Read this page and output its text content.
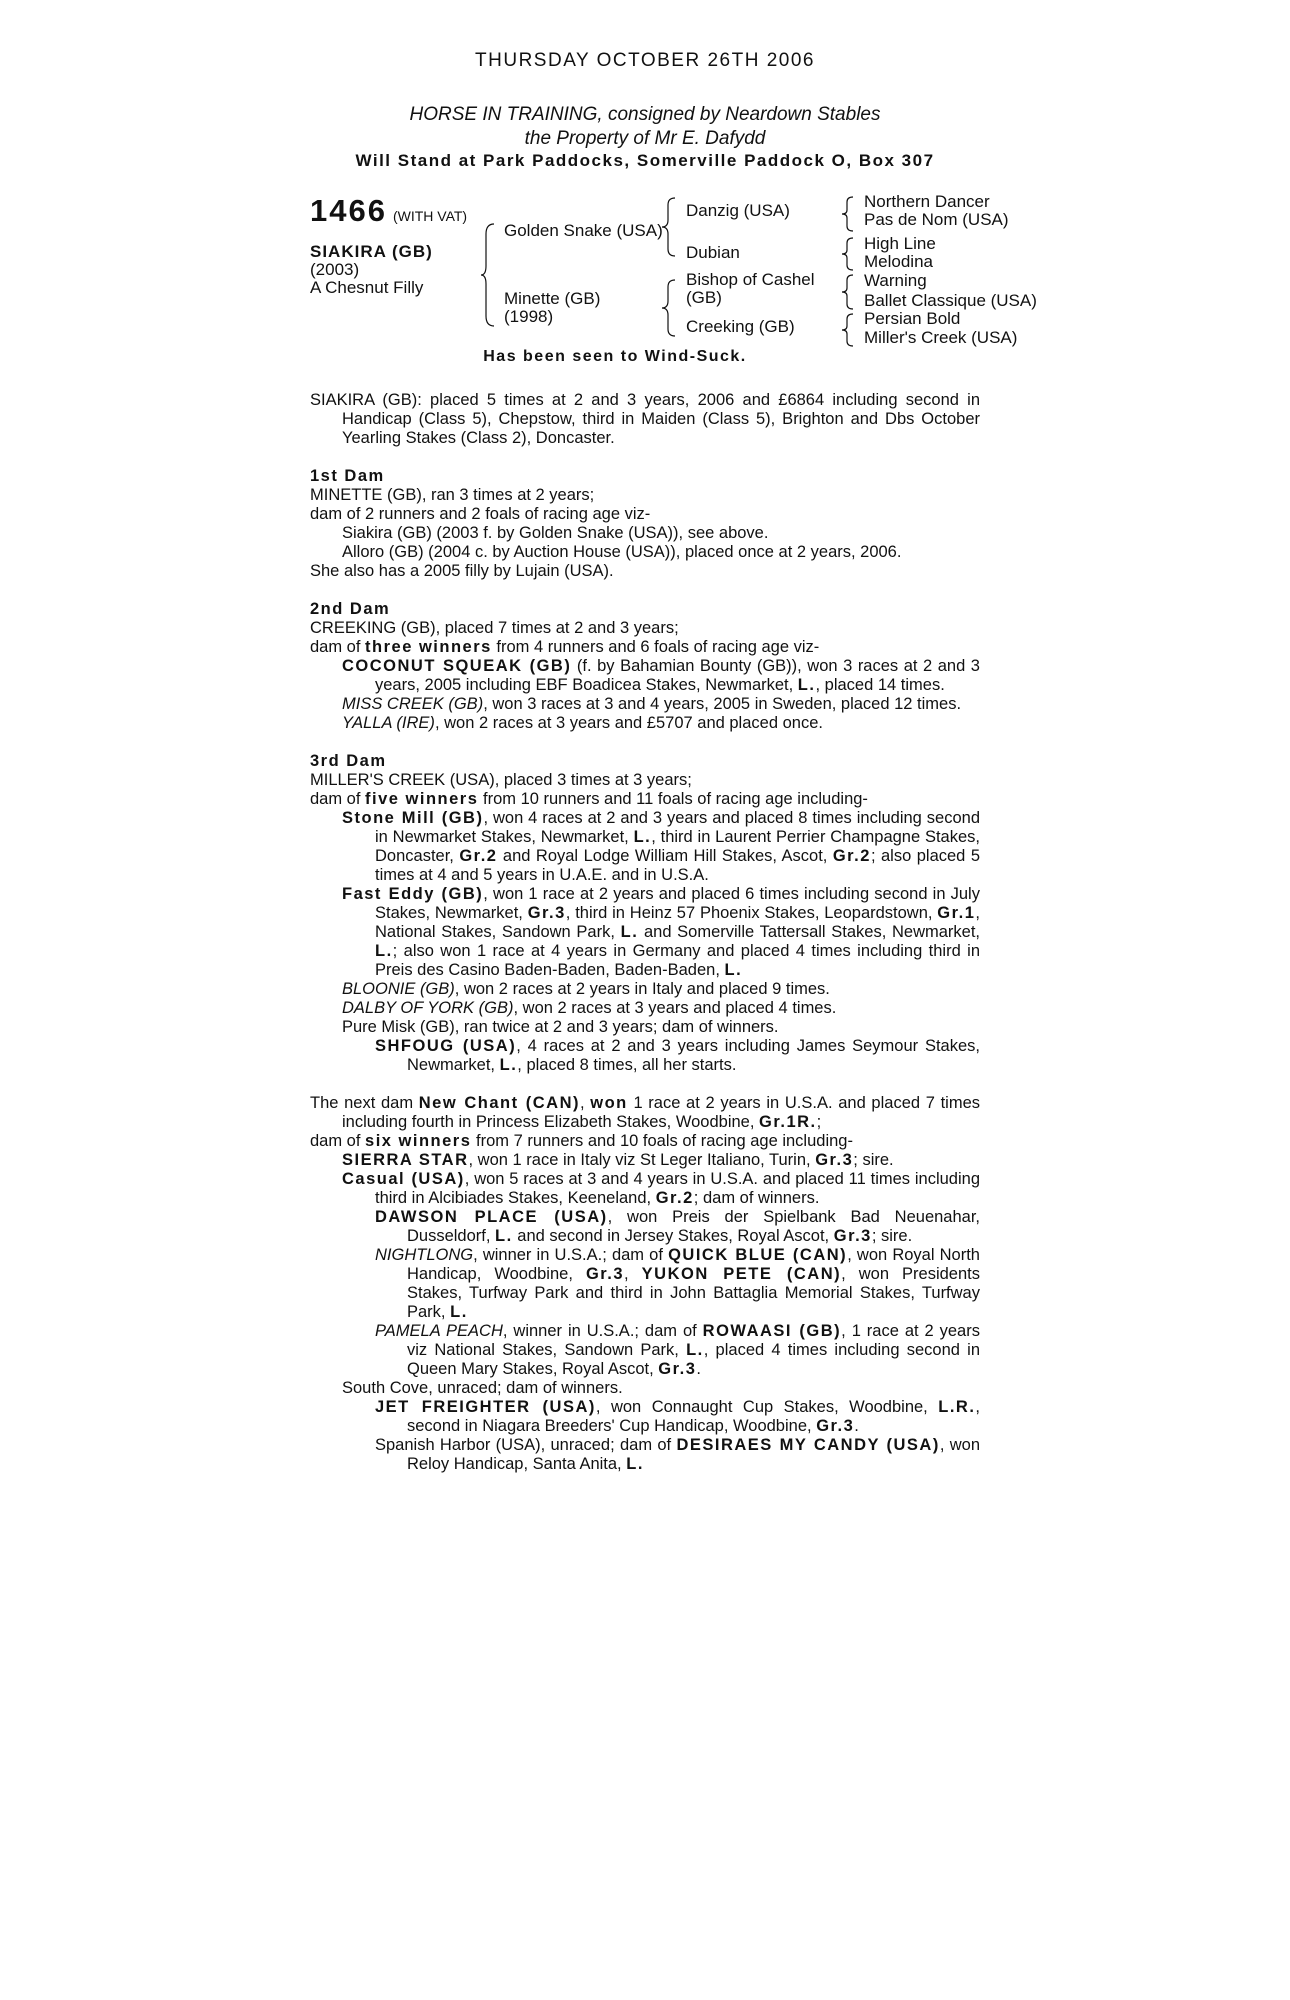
THURSDAY OCTOBER 26TH 2006
HORSE IN TRAINING, consigned by Neardown Stables
the Property of Mr E. Dafydd
Will Stand at Park Paddocks, Somerville Paddock O, Box 307
1466 (WITH VAT)
SIAKIRA (GB)
(2003)
A Chesnut Filly
Golden Snake (USA)
Minette (GB)
(1998)
Danzig (USA)
Dubian
Bishop of Cashel
(GB)
Creeking (GB)
Northern Dancer
Pas de Nom (USA)
High Line
Melodina
Warning
Ballet Classique (USA)
Persian Bold
Miller's Creek (USA)
Has been seen to Wind-Suck.

SIAKIRA (GB): placed 5 times at 2 and 3 years, 2006 and £6864 including second in Handicap (Class 5), Chepstow, third in Maiden (Class 5), Brighton and Dbs October Yearling Stakes (Class 2), Doncaster.

1st Dam

MINETTE (GB), ran 3 times at 2 years;

dam of 2 runners and 2 foals of racing age viz-

Siakira (GB) (2003 f. by Golden Snake (USA)), see above.

Alloro (GB) (2004 c. by Auction House (USA)), placed once at 2 years, 2006.

She also has a 2005 filly by Lujain (USA).

2nd Dam

CREEKING (GB), placed 7 times at 2 and 3 years;

dam of three winners from 4 runners and 6 foals of racing age viz-

COCONUT SQUEAK (GB) (f. by Bahamian Bounty (GB)), won 3 races at 2 and 3 years, 2005 including EBF Boadicea Stakes, Newmarket, L., placed 14 times.

MISS CREEK (GB), won 3 races at 3 and 4 years, 2005 in Sweden, placed 12 times.

YALLA (IRE), won 2 races at 3 years and £5707 and placed once.

3rd Dam

MILLER'S CREEK (USA), placed 3 times at 3 years;

dam of five winners from 10 runners and 11 foals of racing age including-

Stone Mill (GB), won 4 races at 2 and 3 years and placed 8 times including second in Newmarket Stakes, Newmarket, L., third in Laurent Perrier Champagne Stakes, Doncaster, Gr.2 and Royal Lodge William Hill Stakes, Ascot, Gr.2; also placed 5 times at 4 and 5 years in U.A.E. and in U.S.A.

Fast Eddy (GB), won 1 race at 2 years and placed 6 times including second in July Stakes, Newmarket, Gr.3, third in Heinz 57 Phoenix Stakes, Leopardstown, Gr.1, National Stakes, Sandown Park, L. and Somerville Tattersall Stakes, Newmarket, L.; also won 1 race at 4 years in Germany and placed 4 times including third in Preis des Casino Baden-Baden, Baden-Baden, L.

BLOONIE (GB), won 2 races at 2 years in Italy and placed 9 times.

DALBY OF YORK (GB), won 2 races at 3 years and placed 4 times.

Pure Misk (GB), ran twice at 2 and 3 years; dam of winners.

SHFOUG (USA), 4 races at 2 and 3 years including James Seymour Stakes, Newmarket, L., placed 8 times, all her starts.

The next dam New Chant (CAN), won 1 race at 2 years in U.S.A. and placed 7 times including fourth in Princess Elizabeth Stakes, Woodbine, Gr.1R.;

dam of six winners from 7 runners and 10 foals of racing age including-

SIERRA STAR, won 1 race in Italy viz St Leger Italiano, Turin, Gr.3; sire.

Casual (USA), won 5 races at 3 and 4 years in U.S.A. and placed 11 times including third in Alcibiades Stakes, Keeneland, Gr.2; dam of winners.

DAWSON PLACE (USA), won Preis der Spielbank Bad Neuenahar, Dusseldorf, L. and second in Jersey Stakes, Royal Ascot, Gr.3; sire.

NIGHTLONG, winner in U.S.A.; dam of QUICK BLUE (CAN), won Royal North Handicap, Woodbine, Gr.3, YUKON PETE (CAN), won Presidents Stakes, Turfway Park and third in John Battaglia Memorial Stakes, Turfway Park, L.

PAMELA PEACH, winner in U.S.A.; dam of ROWAASI (GB), 1 race at 2 years viz National Stakes, Sandown Park, L., placed 4 times including second in Queen Mary Stakes, Royal Ascot, Gr.3.

South Cove, unraced; dam of winners.

JET FREIGHTER (USA), won Connaught Cup Stakes, Woodbine, L.R., second in Niagara Breeders' Cup Handicap, Woodbine, Gr.3.

Spanish Harbor (USA), unraced; dam of DESIRAES MY CANDY (USA), won Reloy Handicap, Santa Anita, L.
